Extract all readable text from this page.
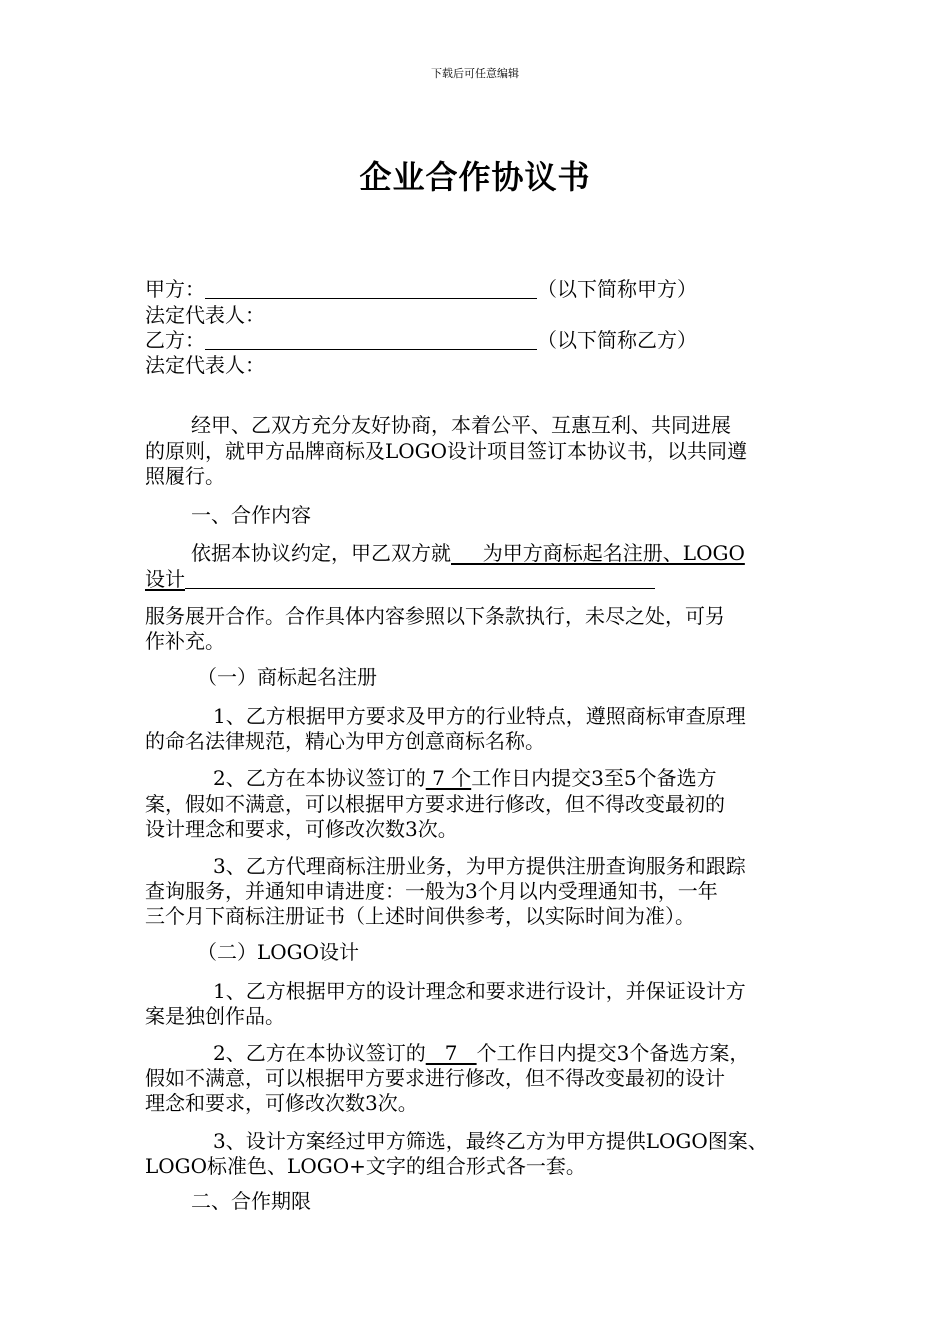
下载后可任意编辑
企业合作协议书
甲方：	（以下简称甲方）
法定代表人：
乙方：	（以下简称乙方）
法定代表人：
经甲、乙双方充分友好协商，本着公平、互惠互利、共同进展
的原则，就甲方品牌商标及LOGO设计项目签订本协议书，以共同遵
照履行。
一、合作内容
依据本协议约定，甲乙双方就     为甲方商标起名注册、LOGO
设计
服务展开合作。合作具体内容参照以下条款执行，未尽之处，可另
作补充。
（一）商标起名注册
1、乙方根据甲方要求及甲方的行业特点，遵照商标审查原理
的命名法律规范，精心为甲方创意商标名称。
2、乙方在本协议签订的 7 个工作日内提交3至5个备选方
案，假如不满意，可以根据甲方要求进行修改，但不得改变最初的
设计理念和要求，可修改次数3次。
3、乙方代理商标注册业务，为甲方提供注册查询服务和跟踪
查询服务，并通知申请进度：一般为3个月以内受理通知书，一年
三个月下商标注册证书（上述时间供参考，以实际时间为准）。
（二）LOGO设计
1、乙方根据甲方的设计理念和要求进行设计，并保证设计方
案是独创作品。
2、乙方在本协议签订的   7   个工作日内提交3个备选方案，
假如不满意，可以根据甲方要求进行修改，但不得改变最初的设计
理念和要求，可修改次数3次。
3、设计方案经过甲方筛选，最终乙方为甲方提供LOGO图案、
LOGO标准色、LOGO+文字的组合形式各一套。
二、合作期限
